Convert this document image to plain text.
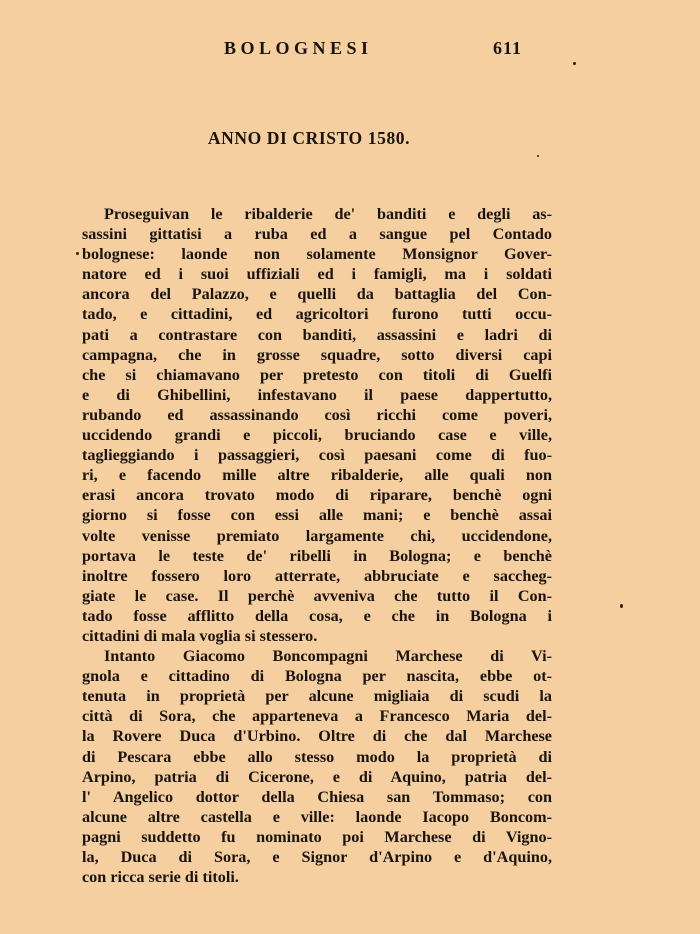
BOLOGNESI	611
ANNO DI CRISTO 1580.
Proseguivan le ribalderie de' banditi e degli as-
sassini gittatisi a ruba ed a sangue pel Contado
bolognese: laonde non solamente Monsignor Gover-
natore ed i suoi uffiziali ed i famigli, ma i soldati
ancora del Palazzo, e quelli da battaglia del Con-
tado, e cittadini, ed agricoltori furono tutti occu-
pati a contrastare con banditi, assassini e ladri di
campagna, che in grosse squadre, sotto diversi capi
che si chiamavano per pretesto con titoli di Guelfi
e di Ghibellini, infestavano il paese dappertutto,
rubando ed assassinando così ricchi come poveri,
uccidendo grandi e piccoli, bruciando case e ville,
taglieggiando i passaggieri, così paesani come di fuo-
ri, e facendo mille altre ribalderie, alle quali non
erasi ancora trovato modo di riparare, benchè ogni
giorno si fosse con essi alle mani; e benchè assai
volte venisse premiato largamente chi, uccidendone,
portava le teste de' ribelli in Bologna; e benchè
inoltre fossero loro atterrate, abbruciate e saccheg-
giate le case. Il perchè avveniva che tutto il Con-
tado fosse afflitto della cosa, e che in Bologna i
cittadini di mala voglia si stessero.
Intanto Giacomo Boncompagni Marchese di Vi-
gnola e cittadino di Bologna per nascita, ebbe ot-
tenuta in proprietà per alcune migliaia di scudi la
città di Sora, che apparteneva a Francesco Maria del-
la Rovere Duca d'Urbino. Oltre di che dal Marchese
di Pescara ebbe allo stesso modo la proprietà di
Arpino, patria di Cicerone, e di Aquino, patria del-
l' Angelico dottor della Chiesa san Tommaso; con
alcune altre castella e ville: laonde Iacopo Boncom-
pagni suddetto fu nominato poi Marchese di Vigno-
la, Duca di Sora, e Signor d'Arpino e d'Aquino,
con ricca serie di titoli.
